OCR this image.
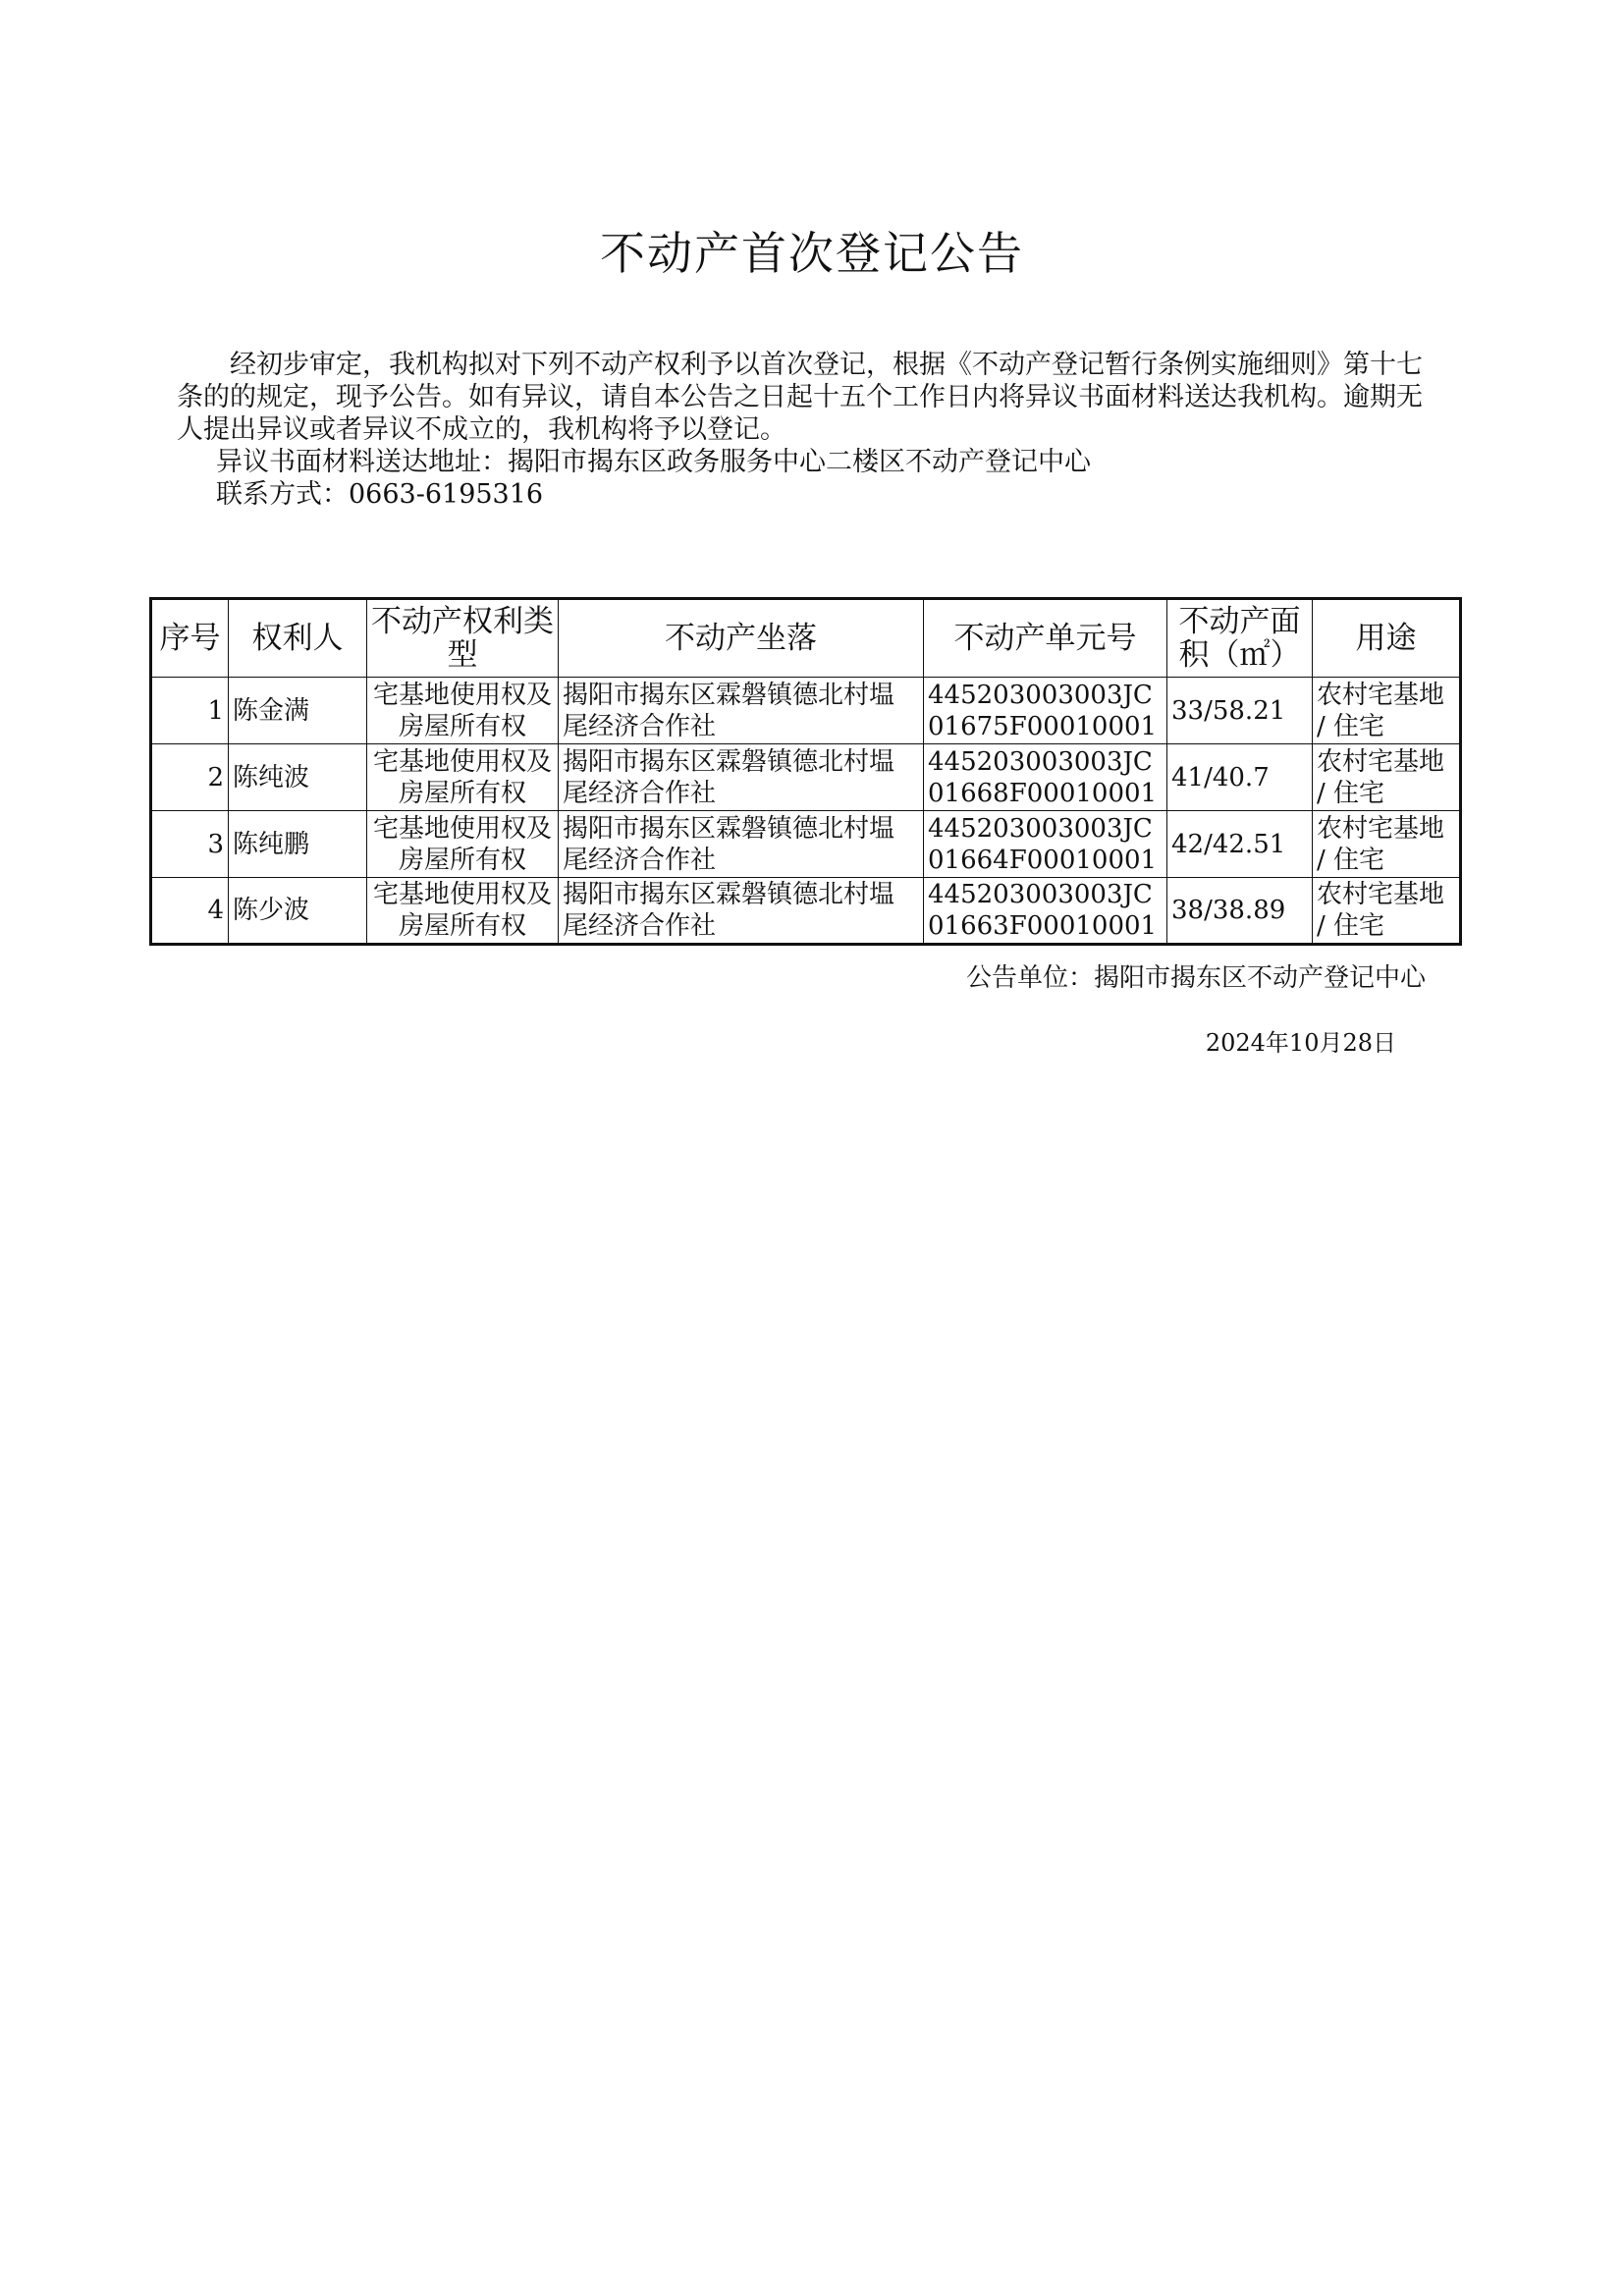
不动产首次登记公告

经初步审定，我机构拟对下列不动产权利予以首次登记，根据《不动产登记暂行条例实施细则》第十七条的的规定，现予公告。如有异议，请自本公告之日起十五个工作日内将异议书面材料送达我机构。逾期无人提出异议或者异议不成立的，我机构将予以登记。

异议书面材料送达地址：揭阳市揭东区政务服务中心二楼区不动产登记中心

联系方式：0663-6195316

序号	权利人	不动产权利类型	不动产坐落	不动产单元号	不动产面积（㎡）	用途
1	陈金满	宅基地使用权及房屋所有权	揭阳市揭东区霖磐镇德北村塭尾经济合作社	445203003003JC01675F00010001	33/58.21	农村宅基地 / 住宅
2	陈纯波	宅基地使用权及房屋所有权	揭阳市揭东区霖磐镇德北村塭尾经济合作社	445203003003JC01668F00010001	41/40.7	农村宅基地 / 住宅
3	陈纯鹏	宅基地使用权及房屋所有权	揭阳市揭东区霖磐镇德北村塭尾经济合作社	445203003003JC01664F00010001	42/42.51	农村宅基地 / 住宅
4	陈少波	宅基地使用权及房屋所有权	揭阳市揭东区霖磐镇德北村塭尾经济合作社	445203003003JC01663F00010001	38/38.89	农村宅基地 / 住宅
公告单位：揭阳市揭东区不动产登记中心
2024年10月28日
